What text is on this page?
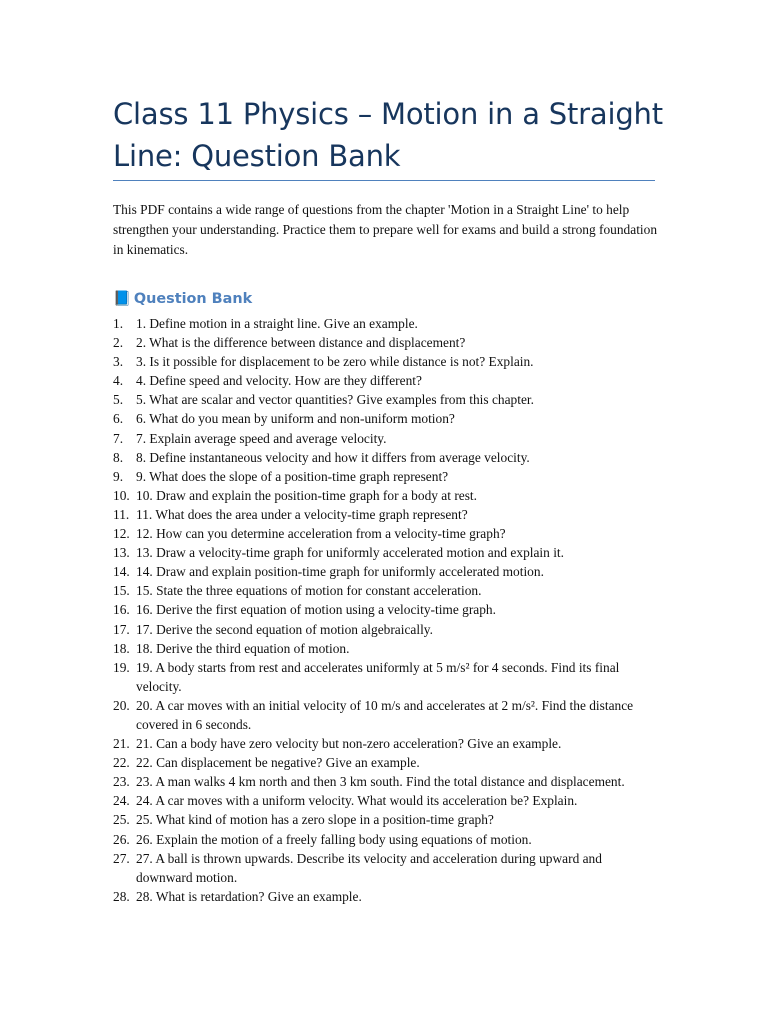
Class 11 Physics – Motion in a Straight Line: Question Bank

This PDF contains a wide range of questions from the chapter 'Motion in a Straight Line' to help strengthen your understanding. Practice them to prepare well for exams and build a strong foundation in kinematics.

📘 Question Bank
1. 1. Define motion in a straight line. Give an example.
2. 2. What is the difference between distance and displacement?
3. 3. Is it possible for displacement to be zero while distance is not? Explain.
4. 4. Define speed and velocity. How are they different?
5. 5. What are scalar and vector quantities? Give examples from this chapter.
6. 6. What do you mean by uniform and non-uniform motion?
7. 7. Explain average speed and average velocity.
8. 8. Define instantaneous velocity and how it differs from average velocity.
9. 9. What does the slope of a position-time graph represent?
10. 10. Draw and explain the position-time graph for a body at rest.
11. 11. What does the area under a velocity-time graph represent?
12. 12. How can you determine acceleration from a velocity-time graph?
13. 13. Draw a velocity-time graph for uniformly accelerated motion and explain it.
14. 14. Draw and explain position-time graph for uniformly accelerated motion.
15. 15. State the three equations of motion for constant acceleration.
16. 16. Derive the first equation of motion using a velocity-time graph.
17. 17. Derive the second equation of motion algebraically.
18. 18. Derive the third equation of motion.
19. 19. A body starts from rest and accelerates uniformly at 5 m/s² for 4 seconds. Find its final velocity.
20. 20. A car moves with an initial velocity of 10 m/s and accelerates at 2 m/s². Find the distance covered in 6 seconds.
21. 21. Can a body have zero velocity but non-zero acceleration? Give an example.
22. 22. Can displacement be negative? Give an example.
23. 23. A man walks 4 km north and then 3 km south. Find the total distance and displacement.
24. 24. A car moves with a uniform velocity. What would its acceleration be? Explain.
25. 25. What kind of motion has a zero slope in a position-time graph?
26. 26. Explain the motion of a freely falling body using equations of motion.
27. 27. A ball is thrown upwards. Describe its velocity and acceleration during upward and downward motion.
28. 28. What is retardation? Give an example.
